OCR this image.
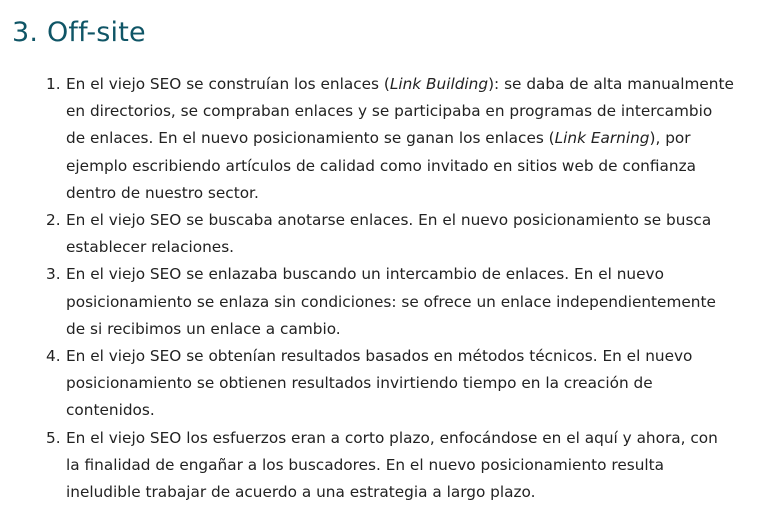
3. Off-site
1. En el viejo SEO se construían los enlaces (Link Building): se daba de alta manualmente
en directorios, se compraban enlaces y se participaba en programas de intercambio
de enlaces. En el nuevo posicionamiento se ganan los enlaces (Link Earning), por
ejemplo escribiendo artículos de calidad como invitado en sitios web de confianza
dentro de nuestro sector.
2. En el viejo SEO se buscaba anotarse enlaces. En el nuevo posicionamiento se busca
establecer relaciones.
3. En el viejo SEO se enlazaba buscando un intercambio de enlaces. En el nuevo
posicionamiento se enlaza sin condiciones: se ofrece un enlace independientemente
de si recibimos un enlace a cambio.
4. En el viejo SEO se obtenían resultados basados en métodos técnicos. En el nuevo
posicionamiento se obtienen resultados invirtiendo tiempo en la creación de
contenidos.
5. En el viejo SEO los esfuerzos eran a corto plazo, enfocándose en el aquí y ahora, con
la finalidad de engañar a los buscadores. En el nuevo posicionamiento resulta
ineludible trabajar de acuerdo a una estrategia a largo plazo.
